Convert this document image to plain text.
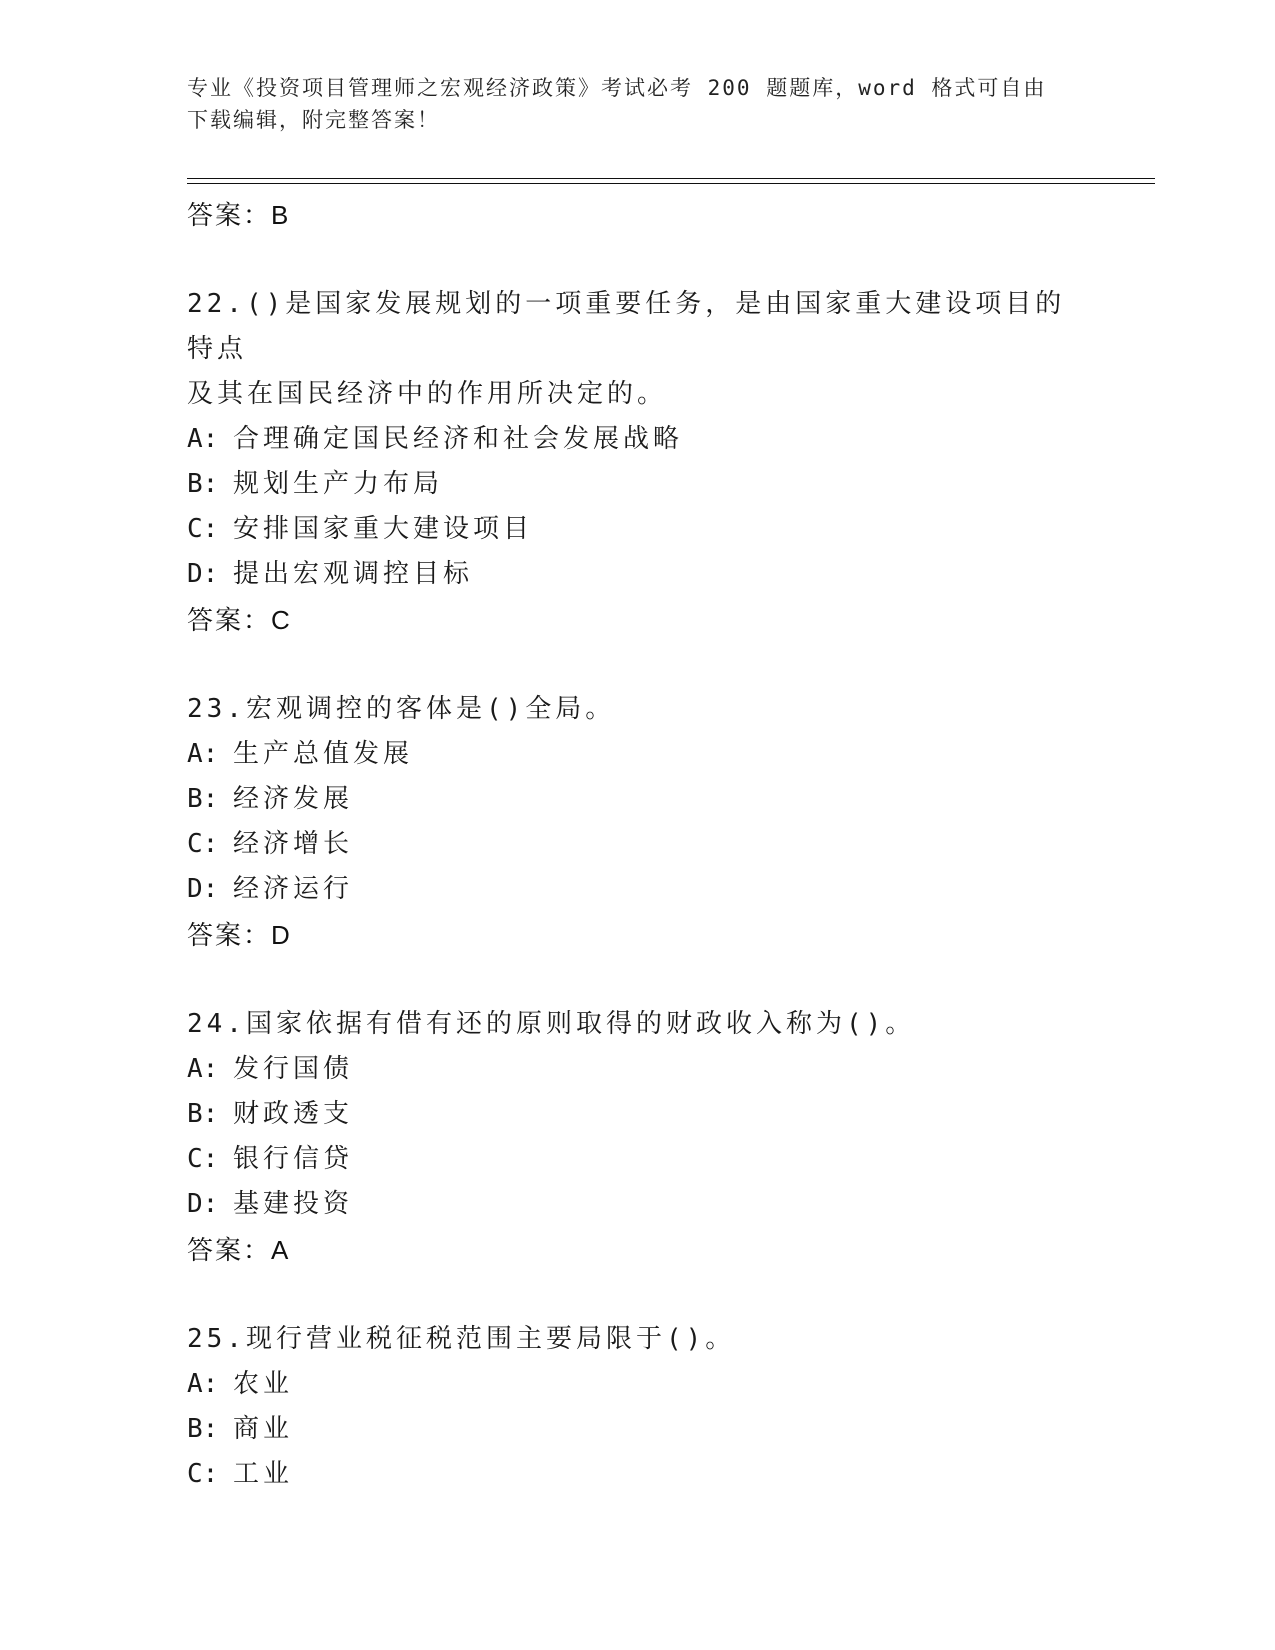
专业《投资项目管理师之宏观经济政策》考试必考 200 题题库，word 格式可自由
下载编辑，附完整答案！
答案：B
22.()是国家发展规划的一项重要任务，是由国家重大建设项目的特点
及其在国民经济中的作用所决定的。
A: 合理确定国民经济和社会发展战略
B: 规划生产力布局
C: 安排国家重大建设项目
D: 提出宏观调控目标
答案：C
23.宏观调控的客体是()全局。
A: 生产总值发展
B: 经济发展
C: 经济增长
D: 经济运行
答案：D
24.国家依据有借有还的原则取得的财政收入称为()。
A: 发行国债
B: 财政透支
C: 银行信贷
D: 基建投资
答案：A
25.现行营业税征税范围主要局限于()。
A: 农业
B: 商业
C: 工业
